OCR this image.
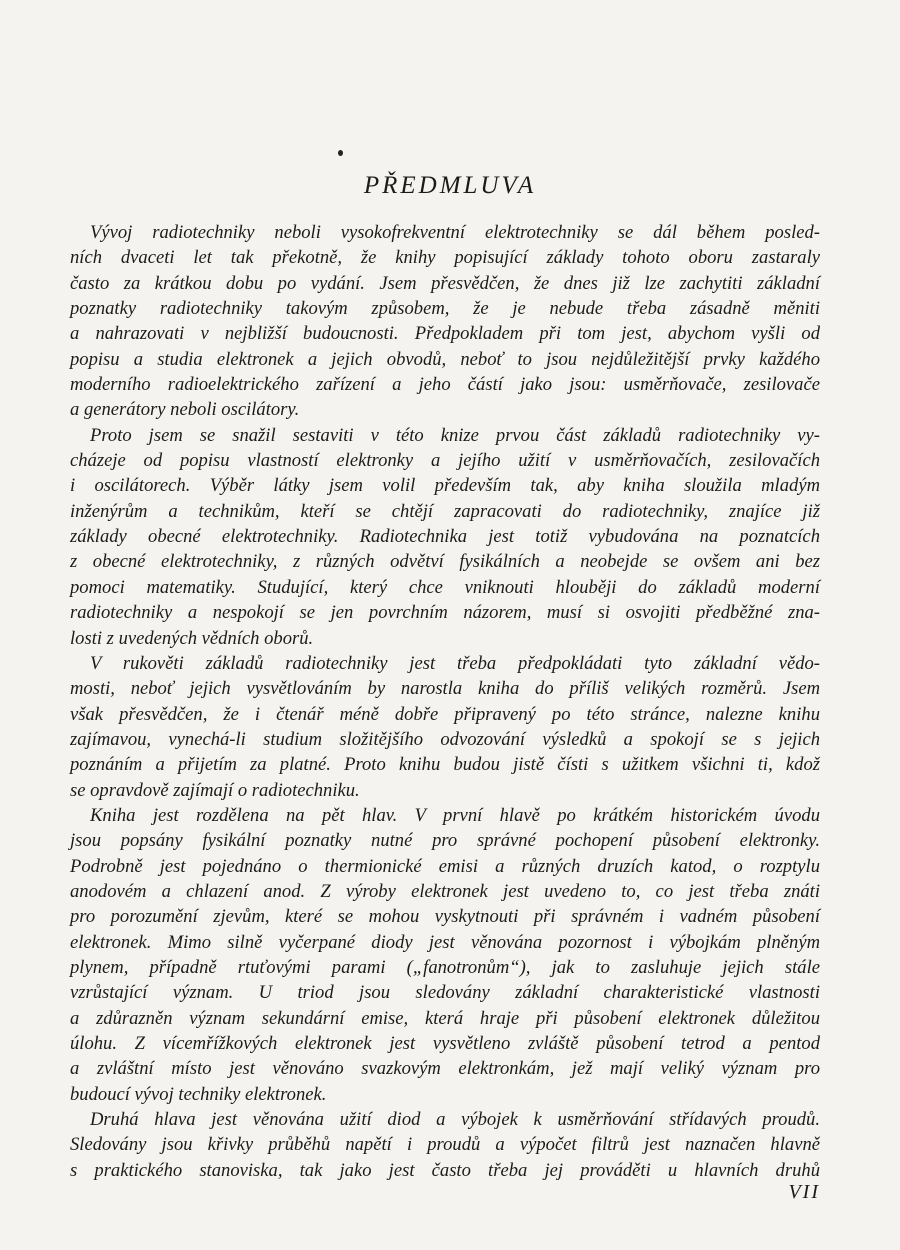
PŘEDMLUVA

Vývoj radiotechniky neboli vysokofrekventní elektrotechniky se dál během posled-
ních dvaceti let tak překotně, že knihy popisující základy tohoto oboru zastaraly
často za krátkou dobu po vydání. Jsem přesvědčen, že dnes již lze zachytiti základní
poznatky radiotechniky takovým způsobem, že je nebude třeba zásadně měniti
a nahrazovati v nejbližší budoucnosti. Předpokladem při tom jest, abychom vyšli od
popisu a studia elektronek a jejich obvodů, neboť to jsou nejdůležitější prvky každého
moderního radioelektrického zařízení a jeho částí jako jsou: usměrňovače, zesilovače
a generátory neboli oscilátory.

Proto jsem se snažil sestaviti v této knize prvou část základů radiotechniky vy-
cházeje od popisu vlastností elektronky a jejího užití v usměrňovačích, zesilovačích
i oscilátorech. Výběr látky jsem volil především tak, aby kniha sloužila mladým
inženýrům a technikům, kteří se chtějí zapracovati do radiotechniky, znajíce již
základy obecné elektrotechniky. Radiotechnika jest totiž vybudována na poznatcích
z obecné elektrotechniky, z různých odvětví fysikálních a neobejde se ovšem ani bez
pomoci matematiky. Studující, který chce vniknouti hlouběji do základů moderní
radiotechniky a nespokojí se jen povrchním názorem, musí si osvojiti předběžné zna-
losti z uvedených vědních oborů.

V rukověti základů radiotechniky jest třeba předpokládati tyto základní vědo-
mosti, neboť jejich vysvětlováním by narostla kniha do příliš velikých rozměrů. Jsem
však přesvědčen, že i čtenář méně dobře připravený po této stránce, nalezne knihu
zajímavou, vynechá-li studium složitějšího odvozování výsledků a spokojí se s jejich
poznáním a přijetím za platné. Proto knihu budou jistě čísti s užitkem všichni ti, kdož
se opravdově zajímají o radiotechniku.

Kniha jest rozdělena na pět hlav. V první hlavě po krátkém historickém úvodu
jsou popsány fysikální poznatky nutné pro správné pochopení působení elektronky.
Podrobně jest pojednáno o thermionické emisi a různých druzích katod, o rozptylu
anodovém a chlazení anod. Z výroby elektronek jest uvedeno to, co jest třeba znáti
pro porozumění zjevům, které se mohou vyskytnouti při správném i vadném působení
elektronek. Mimo silně vyčerpané diody jest věnována pozornost i výbojkám plněným
plynem, případně rtuťovými parami („fanotronům“), jak to zasluhuje jejich stále
vzrůstající význam. U triod jsou sledovány základní charakteristické vlastnosti
a zdůrazněn význam sekundární emise, která hraje při působení elektronek důležitou
úlohu. Z vícemřížkových elektronek jest vysvětleno zvláště působení tetrod a pentod
a zvláštní místo jest věnováno svazkovým elektronkám, jež mají veliký význam pro
budoucí vývoj techniky elektronek.

Druhá hlava jest věnována užití diod a výbojek k usměrňování střídavých proudů.
Sledovány jsou křivky průběhů napětí i proudů a výpočet filtrů jest naznačen hlavně
s praktického stanoviska, tak jako jest často třeba jej prováděti u hlavních druhů

VII
